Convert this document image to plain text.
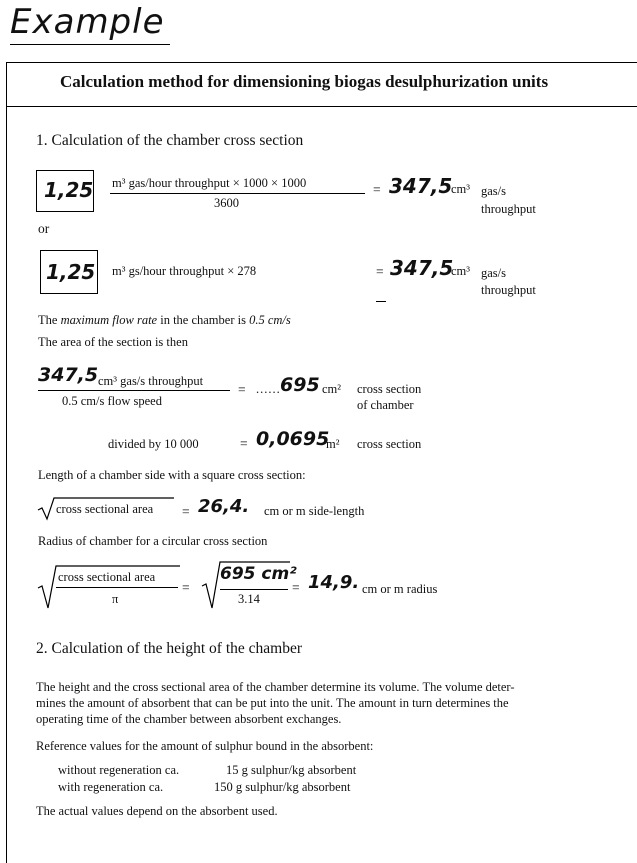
Example
Calculation method for dimensioning biogas desulphurization units
1. Calculation of the chamber cross section
1,25 m³ gas/hour throughput × 1000 × 1000
3600
= 347,5
cm³ gas/s
throughput
or
1,25 m³ gs/hour throughput × 278	= 347,5
cm³ gas/s
throughput
The maximum flow rate in the chamber is 0.5 cm/s
The area of the section is then
347,5 cm³ gas/s throughput
0.5 cm/s flow speed
= ...... 695 cm² cross section
of chamber
divided by 10 000	= 0,0695
m² cross section
Length of a chamber side with a square cross section:
cross sectional area = 26,4. cm or m side-length
Radius of chamber for a circular cross section
cross sectional area
π
=
695 cm²
3.14
= 14,9. cm or m radius
2. Calculation of the height of the chamber
The height and the cross sectional area of the chamber determine its volume. The volume deter-
mines the amount of absorbent that can be put into the unit. The amount in turn determines the
operating time of the chamber between absorbent exchanges.
Reference values for the amount of sulphur bound in the absorbent:
without regeneration ca.	15 g sulphur/kg absorbent
with regeneration ca.	150 g sulphur/kg absorbent
The actual values depend on the absorbent used.
